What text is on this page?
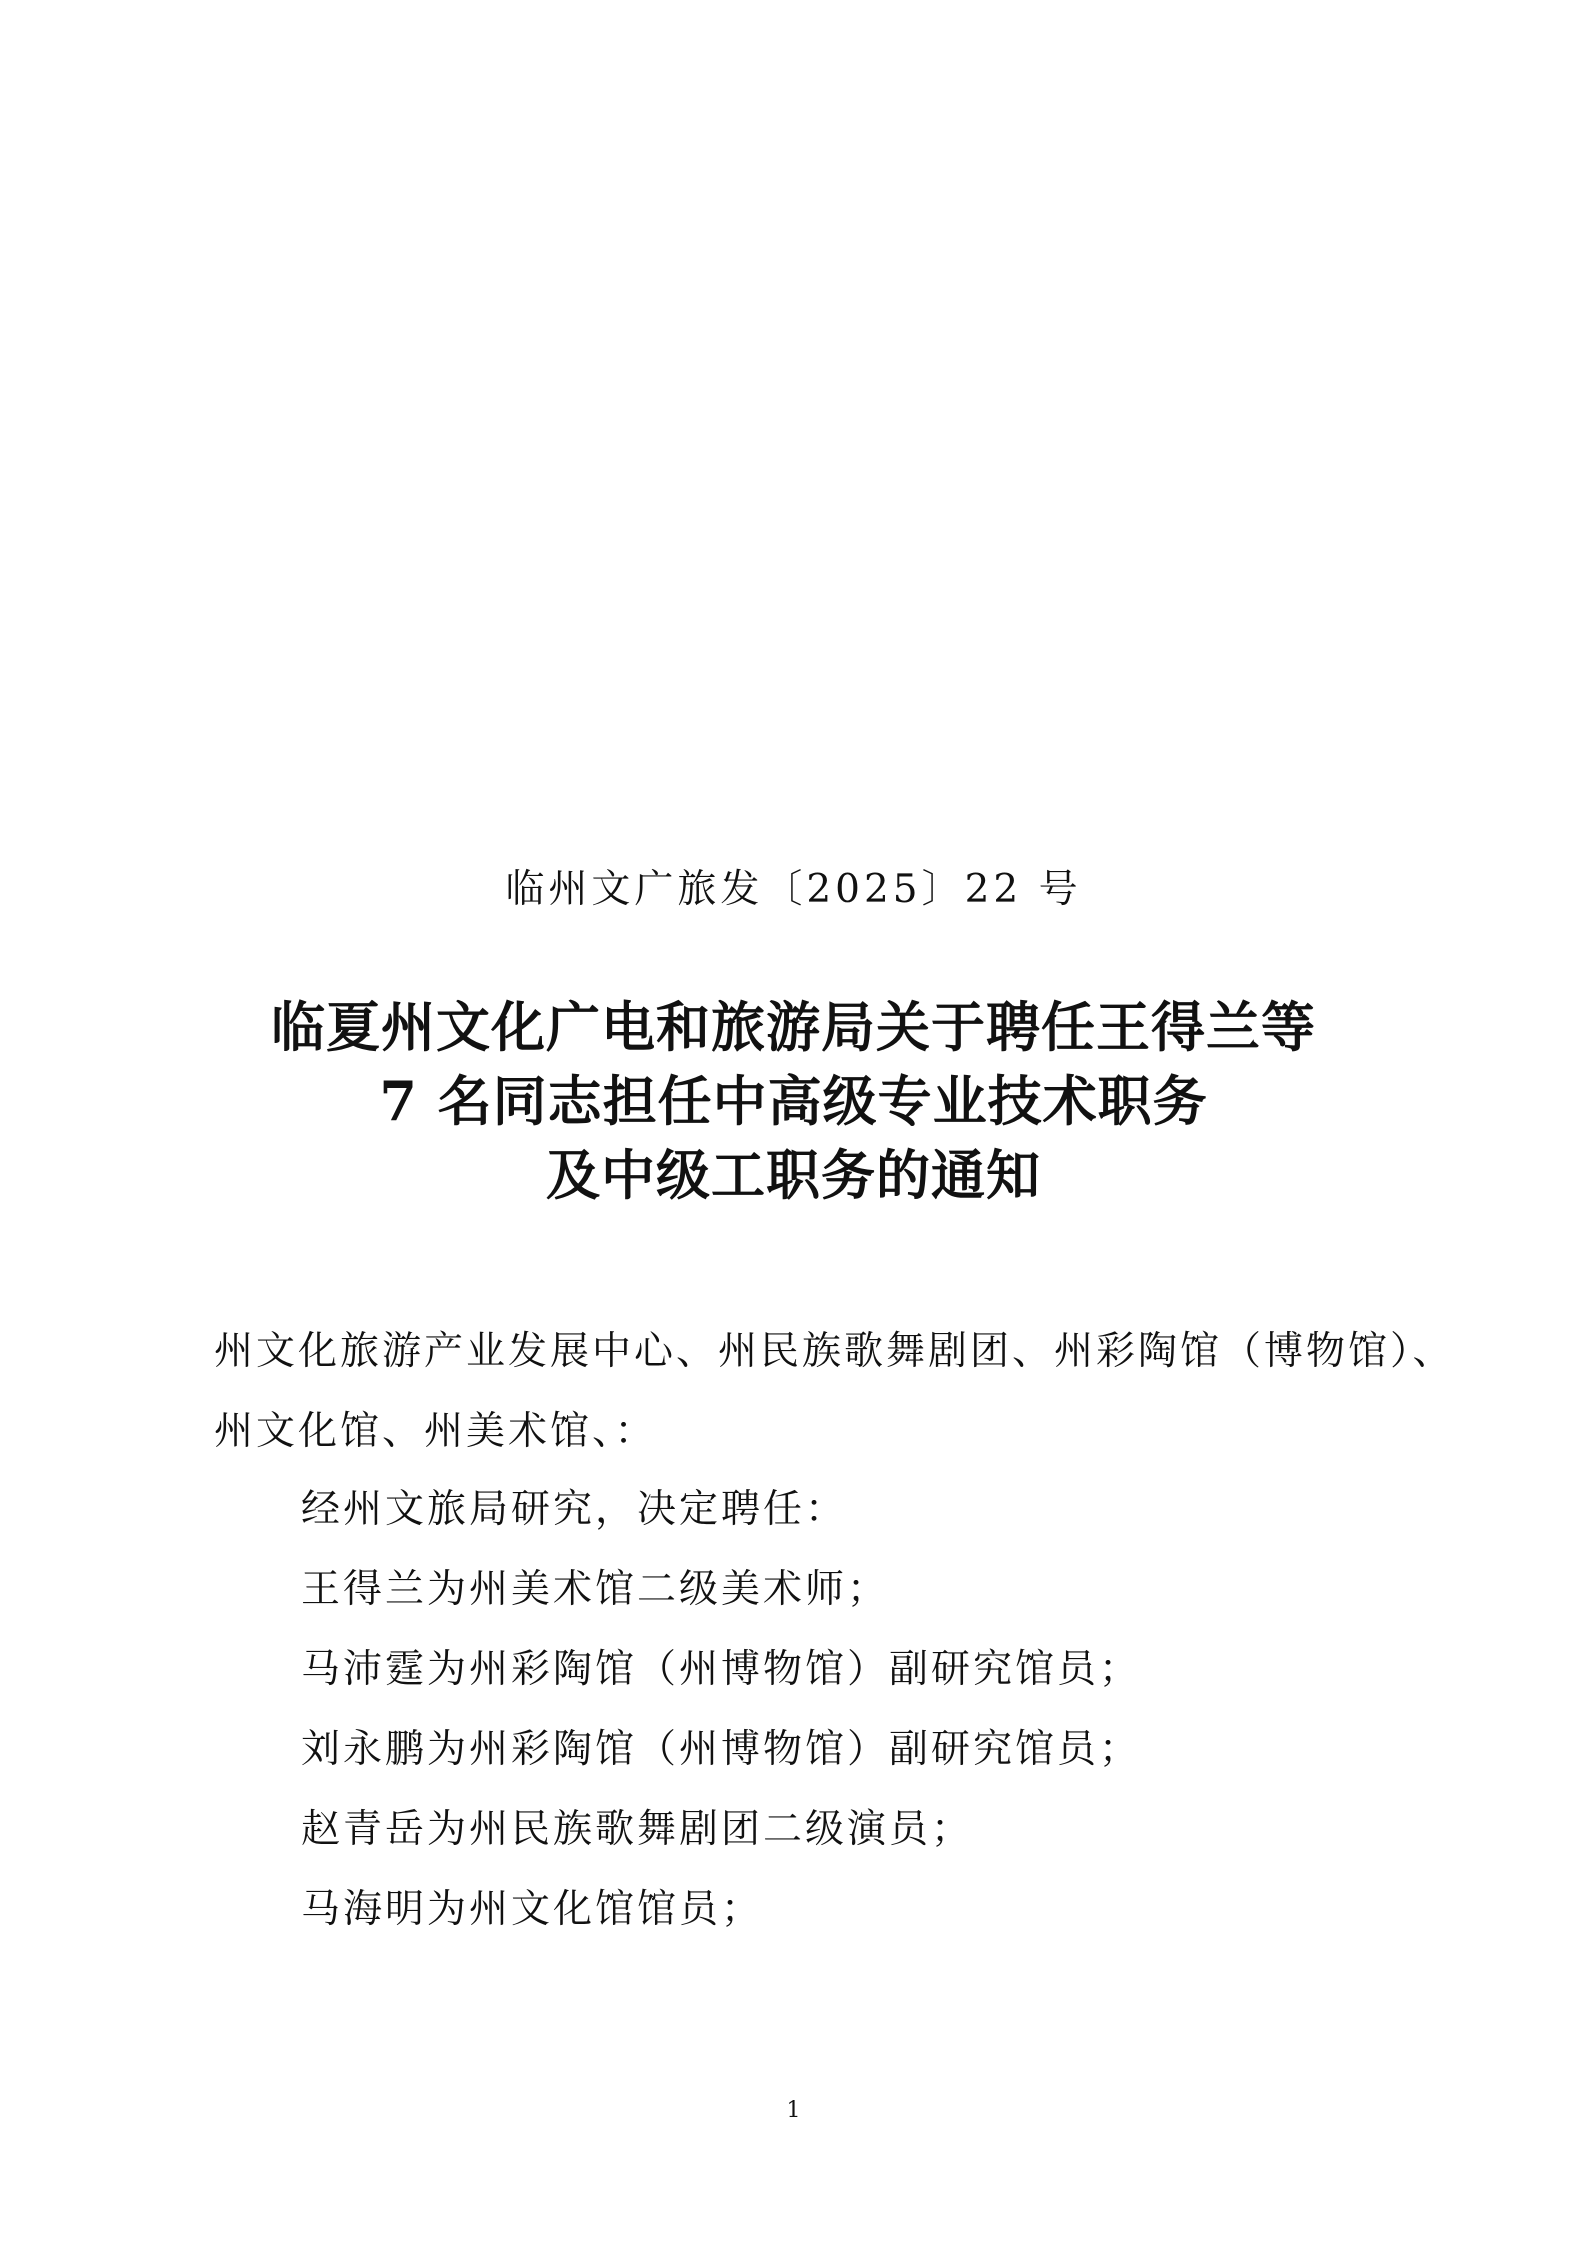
临州文广旅发〔2025〕22 号
临夏州文化广电和旅游局关于聘任王得兰等
7 名同志担任中高级专业技术职务
及中级工职务的通知
州文化旅游产业发展中心、州民族歌舞剧团、州彩陶馆（博物馆）、
州文化馆、州美术馆、：
经州文旅局研究，决定聘任：
王得兰为州美术馆二级美术师；
马沛霆为州彩陶馆（州博物馆）副研究馆员；
刘永鹏为州彩陶馆（州博物馆）副研究馆员；
赵青岳为州民族歌舞剧团二级演员；
马海明为州文化馆馆员；
1
